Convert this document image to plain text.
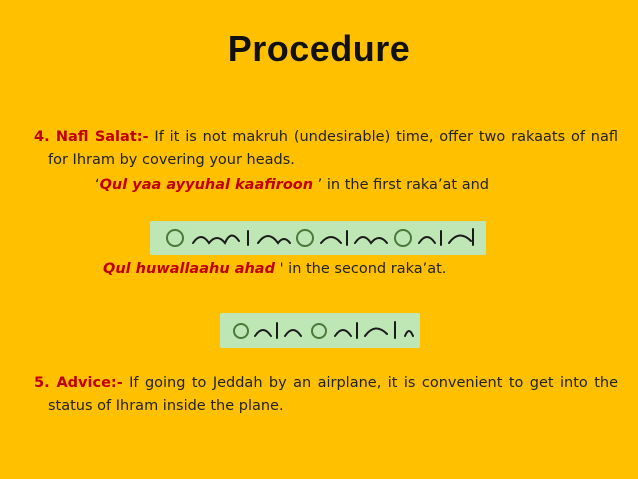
Procedure
4. Nafl Salat:- If it is not makruh (undesirable) time, offer two rakaats of nafl for Ihram by covering your heads.
‘Qul yaa ayyuhal kaafiroon ’ in the first raka’at and
Qul huwallaahu ahad ' in the second raka’at.
5. Advice:- If going to Jeddah by an airplane, it is convenient to get into the status of Ihram inside the plane.
